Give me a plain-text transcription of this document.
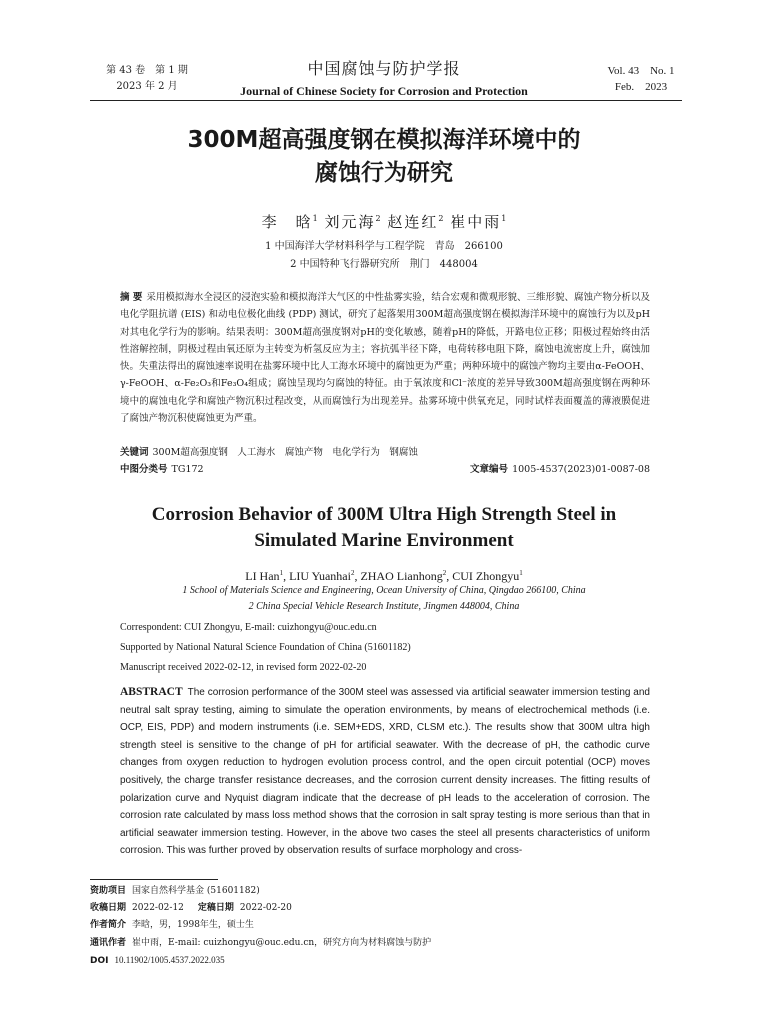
第 43 卷　第 1 期
2023 年 2 月
中国腐蚀与防护学报
Journal of Chinese Society for Corrosion and Protection
Vol. 43　No. 1
Feb.　2023
300M超高强度钢在模拟海洋环境中的
腐蚀行为研究
李　晗$^1$ 刘元海$^2$ 赵连红$^2$ 崔中雨$^1$
1 中国海洋大学材料科学与工程学院　青岛　266100
2 中国特种飞行器研究所　荆门　448004
摘 要 采用模拟海水全浸区的浸泡实验和模拟海洋大气区的中性盐雾实验，结合宏观和微观形貌、三维形貌、腐蚀产物分析以及电化学阻抗谱 (EIS) 和动电位极化曲线 (PDP) 测试，研究了起落架用300M超高强度钢在模拟海洋环境中的腐蚀行为以及pH对其电化学行为的影响。结果表明：300M超高强度钢对pH的变化敏感，随着pH的降低，开路电位正移；阳极过程始终由活性溶解控制，阴极过程由氧还原为主转变为析氢反应为主；容抗弧半径下降，电荷转移电阻下降，腐蚀电流密度上升，腐蚀加快。失重法得出的腐蚀速率说明在盐雾环境中比人工海水环境中的腐蚀更为严重；两种环境中的腐蚀产物均主要由α-FeOOH、γ-FeOOH、α-Fe₂O₃和Fe₃O₄组成；腐蚀呈现均匀腐蚀的特征。由于氧浓度和Cl⁻浓度的差异导致300M超高强度钢在两种环境中的腐蚀电化学和腐蚀产物沉积过程改变，从而腐蚀行为出现差异。盐雾环境中供氧充足，同时试样表面覆盖的薄液膜促进了腐蚀产物沉积使腐蚀更为严重。
关键词 300M超高强度钢　人工海水　腐蚀产物　电化学行为　钢腐蚀
中图分类号 TG172	文章编号 1005-4537(2023)01-0087-08
Corrosion Behavior of 300M Ultra High Strength Steel in
Simulated Marine Environment
LI Han$^1$, LIU Yuanhai$^2$, ZHAO Lianhong$^2$, CUI Zhongyu$^1$
1 School of Materials Science and Engineering, Ocean University of China, Qingdao 266100, China
2 China Special Vehicle Research Institute, Jingmen 448004, China
Correspondent: CUI Zhongyu, E-mail: cuizhongyu@ouc.edu.cn
Supported by National Natural Science Foundation of China (51601182)
Manuscript received 2022-02-12, in revised form 2022-02-20
ABSTRACT The corrosion performance of the 300M steel was assessed via artificial seawater immersion testing and neutral salt spray testing, aiming to simulate the operation environments, by means of electrochemical methods (i.e. OCP, EIS, PDP) and modern instruments (i.e. SEM+EDS, XRD, CLSM etc.). The results show that 300M ultra high strength steel is sensitive to the change of pH for artificial seawater. With the decrease of pH, the cathodic curve changes from oxygen reduction to hydrogen evolution process control, and the open circuit potential (OCP) moves positively, the charge transfer resistance decreases, and the corrosion current density increases. The fitting results of polarization curve and Nyquist diagram indicate that the decrease of pH leads to the acceleration of corrosion. The corrosion rate calculated by mass loss method shows that the corrosion in salt spray testing is more serious than that in artificial seawater immersion testing. However, in the above two cases the steel all presents characteristics of uniform corrosion. This was further proved by observation results of surface morphology and cross-
资助项目 国家自然科学基金 (51601182)
收稿日期 2022-02-12 定稿日期 2022-02-20
作者简介 李晗，男，1998年生，硕士生
通讯作者 崔中雨，E-mail: cuizhongyu@ouc.edu.cn，研究方向为材料腐蚀与防护
DOI 10.11902/1005.4537.2022.035
